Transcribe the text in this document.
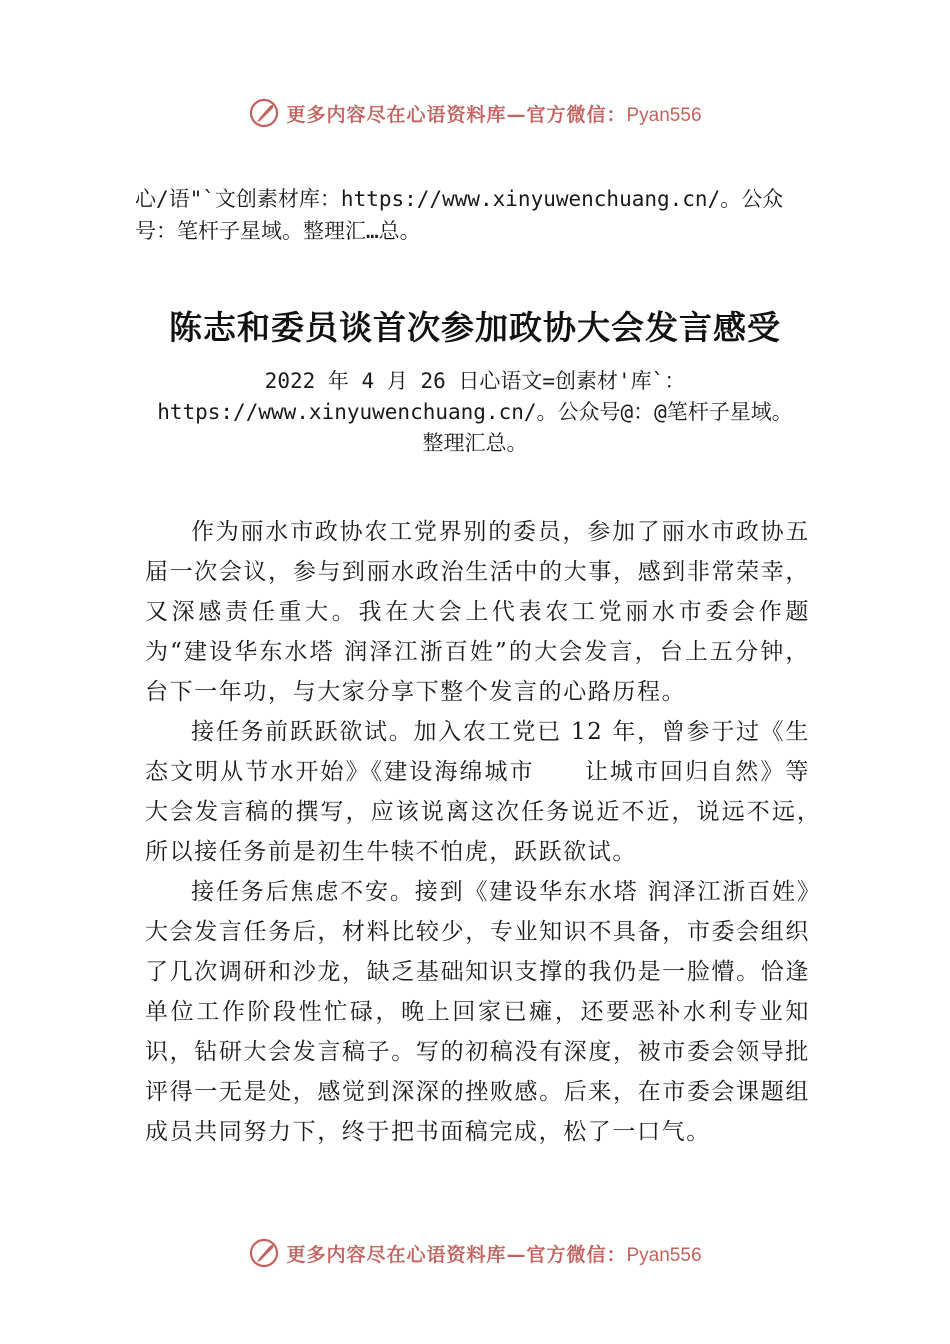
更多内容尽在心语资料库—官方微信：Pyan556
心/语"`文创素材库：https://www.xinyuwenchuang.cn/。公众号：笔杆子星域。整理汇…总。
陈志和委员谈首次参加政协大会发言感受
2022 年 4 月 26 日心语文=创素材'库`：https://www.xinyuwenchuang.cn/。公众号@：@笔杆子星域。整理汇总。

作为丽水市政协农工党界别的委员，参加了丽水市政协五届一次会议，参与到丽水政治生活中的大事，感到非常荣幸，又深感责任重大。我在大会上代表农工党丽水市委会作题为“建设华东水塔 润泽江浙百姓”的大会发言，台上五分钟，台下一年功，与大家分享下整个发言的心路历程。

接任务前跃跃欲试。加入农工党已 12 年，曾参于过《生态文明从节水开始》《建设海绵城市　　让城市回归自然》等大会发言稿的撰写，应该说离这次任务说近不近，说远不远，　所以接任务前是初生牛犊不怕虎，跃跃欲试。

接任务后焦虑不安。接到《建设华东水塔 润泽江浙百姓》大会发言任务后，材料比较少，专业知识不具备，市委会组织了几次调研和沙龙，缺乏基础知识支撑的我仍是一脸懵。恰逢单位工作阶段性忙碌，晚上回家已瘫，还要恶补水利专业知识，钻研大会发言稿子。写的初稿没有深度，被市委会领导批评得一无是处，感觉到深深的挫败感。后来，在市委会课题组成员共同努力下，终于把书面稿完成，松了一口气。

更多内容尽在心语资料库—官方微信：Pyan556
